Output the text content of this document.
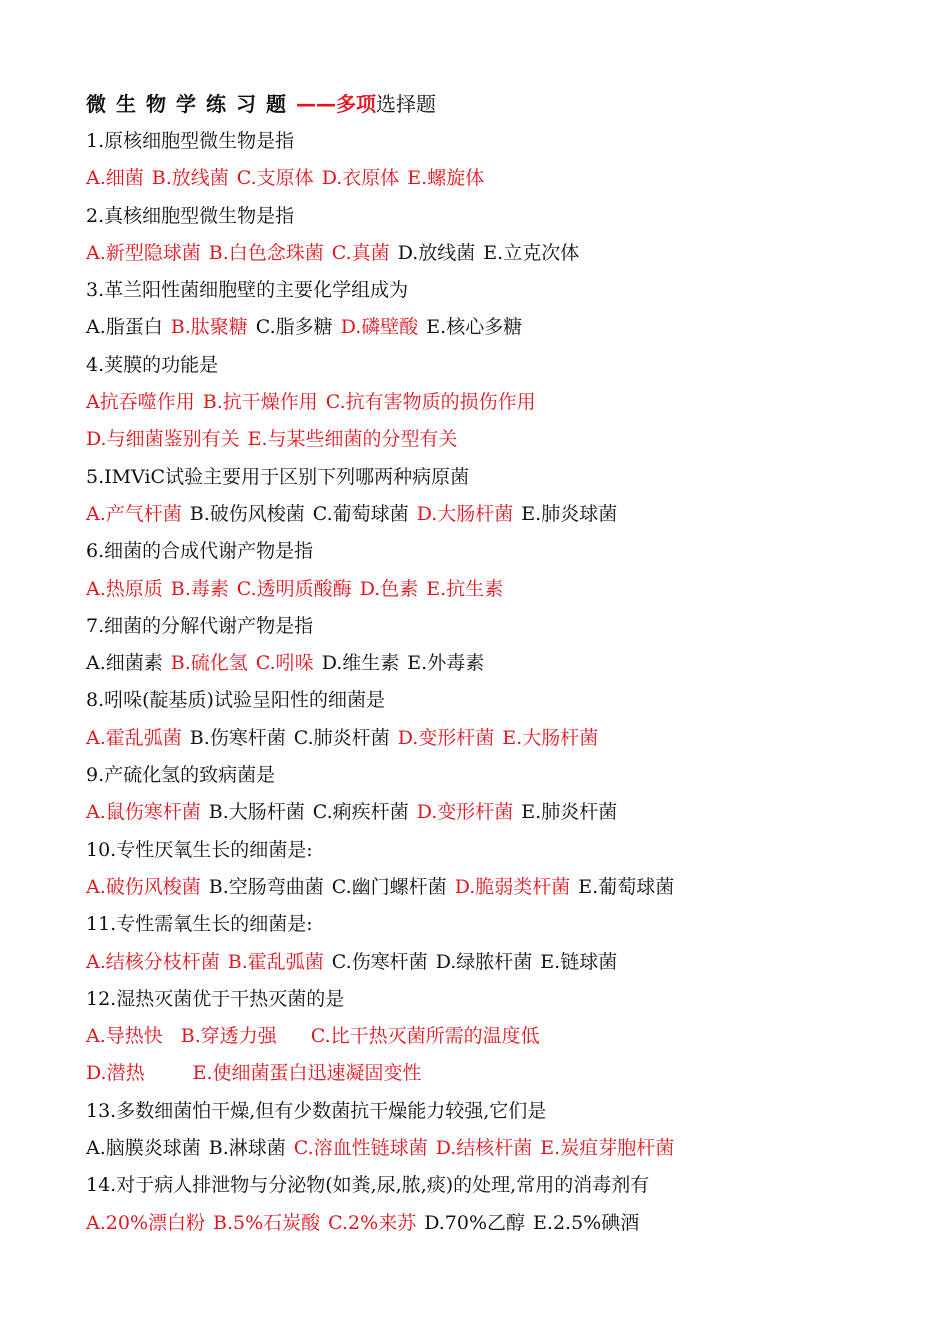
微生物学练习题——多项选择题
1.原核细胞型微生物是指
A.细菌 B.放线菌 C.支原体 D.衣原体 E.螺旋体
2.真核细胞型微生物是指
A.新型隐球菌 B.白色念珠菌 C.真菌 D.放线菌 E.立克次体
3.革兰阳性菌细胞壁的主要化学组成为
A.脂蛋白 B.肽聚糖 C.脂多糖 D.磷壁酸 E.核心多糖
4.荚膜的功能是
A抗吞噬作用 B.抗干燥作用 C.抗有害物质的损伤作用
D.与细菌鉴别有关 E.与某些细菌的分型有关
5.IMViC试验主要用于区别下列哪两种病原菌
A.产气杆菌 B.破伤风梭菌 C.葡萄球菌 D.大肠杆菌 E.肺炎球菌
6.细菌的合成代谢产物是指
A.热原质 B.毒素 C.透明质酸酶 D.色素 E.抗生素
7.细菌的分解代谢产物是指
A.细菌素 B.硫化氢 C.吲哚 D.维生素 E.外毒素
8.吲哚(靛基质)试验呈阳性的细菌是
A.霍乱弧菌 B.伤寒杆菌 C.肺炎杆菌 D.变形杆菌 E.大肠杆菌
9.产硫化氢的致病菌是
A.鼠伤寒杆菌 B.大肠杆菌 C.痢疾杆菌 D.变形杆菌 E.肺炎杆菌
10.专性厌氧生长的细菌是:
A.破伤风梭菌 B.空肠弯曲菌 C.幽门螺杆菌 D.脆弱类杆菌 E.葡萄球菌
11.专性需氧生长的细菌是:
A.结核分枝杆菌 B.霍乱弧菌 C.伤寒杆菌 D.绿脓杆菌 E.链球菌
12.湿热灭菌优于干热灭菌的是
A.导热快 B.穿透力强 C.比干热灭菌所需的温度低
D.潜热	E.使细菌蛋白迅速凝固变性
13.多数细菌怕干燥,但有少数菌抗干燥能力较强,它们是
A.脑膜炎球菌 B.淋球菌 C.溶血性链球菌 D.结核杆菌 E.炭疽芽胞杆菌
14.对于病人排泄物与分泌物(如粪,尿,脓,痰)的处理,常用的消毒剂有
A.20%漂白粉 B.5%石炭酸 C.2%来苏 D.70%乙醇 E.2.5%碘酒
